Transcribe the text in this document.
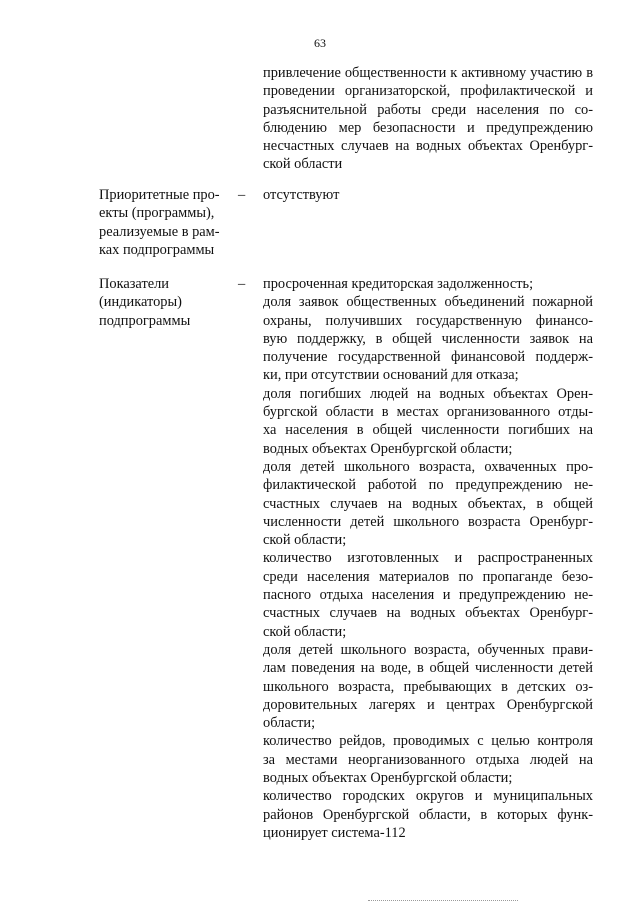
63
привлечение общественности к активному участию в
проведении организаторской, профилактической и
разъяснительной работы среди населения по со-
блюдению мер безопасности и предупреждению
несчастных случаев на водных объектах Оренбург-
ской области
Приоритетные про-
екты (программы),
реализуемые в рам-
ках подпрограммы
– отсутствуют
Показатели
(индикаторы)
подпрограммы
– просроченная кредиторская задолженность;
доля заявок общественных объединений пожарной
охраны, получивших государственную финансо-
вую поддержку, в общей численности заявок на
получение государственной финансовой поддерж-
ки, при отсутствии оснований для отказа;
доля погибших людей на водных объектах Орен-
бургской области в местах организованного отды-
ха населения в общей численности погибших на
водных объектах Оренбургской области;
доля детей школьного возраста, охваченных про-
филактической работой по предупреждению не-
счастных случаев на водных объектах, в общей
численности детей школьного возраста Оренбург-
ской области;
количество изготовленных и распространенных
среди населения материалов по пропаганде безо-
пасного отдыха населения и предупреждению не-
счастных случаев на водных объектах Оренбург-
ской области;
доля детей школьного возраста, обученных прави-
лам поведения на воде, в общей численности детей
школьного возраста, пребывающих в детских оз-
доровительных лагерях и центрах Оренбургской
области;
количество рейдов, проводимых с целью контроля
за местами неорганизованного отдыха людей на
водных объектах Оренбургской области;
количество городских округов и муниципальных
районов Оренбургской области, в которых функ-
ционирует система-112
